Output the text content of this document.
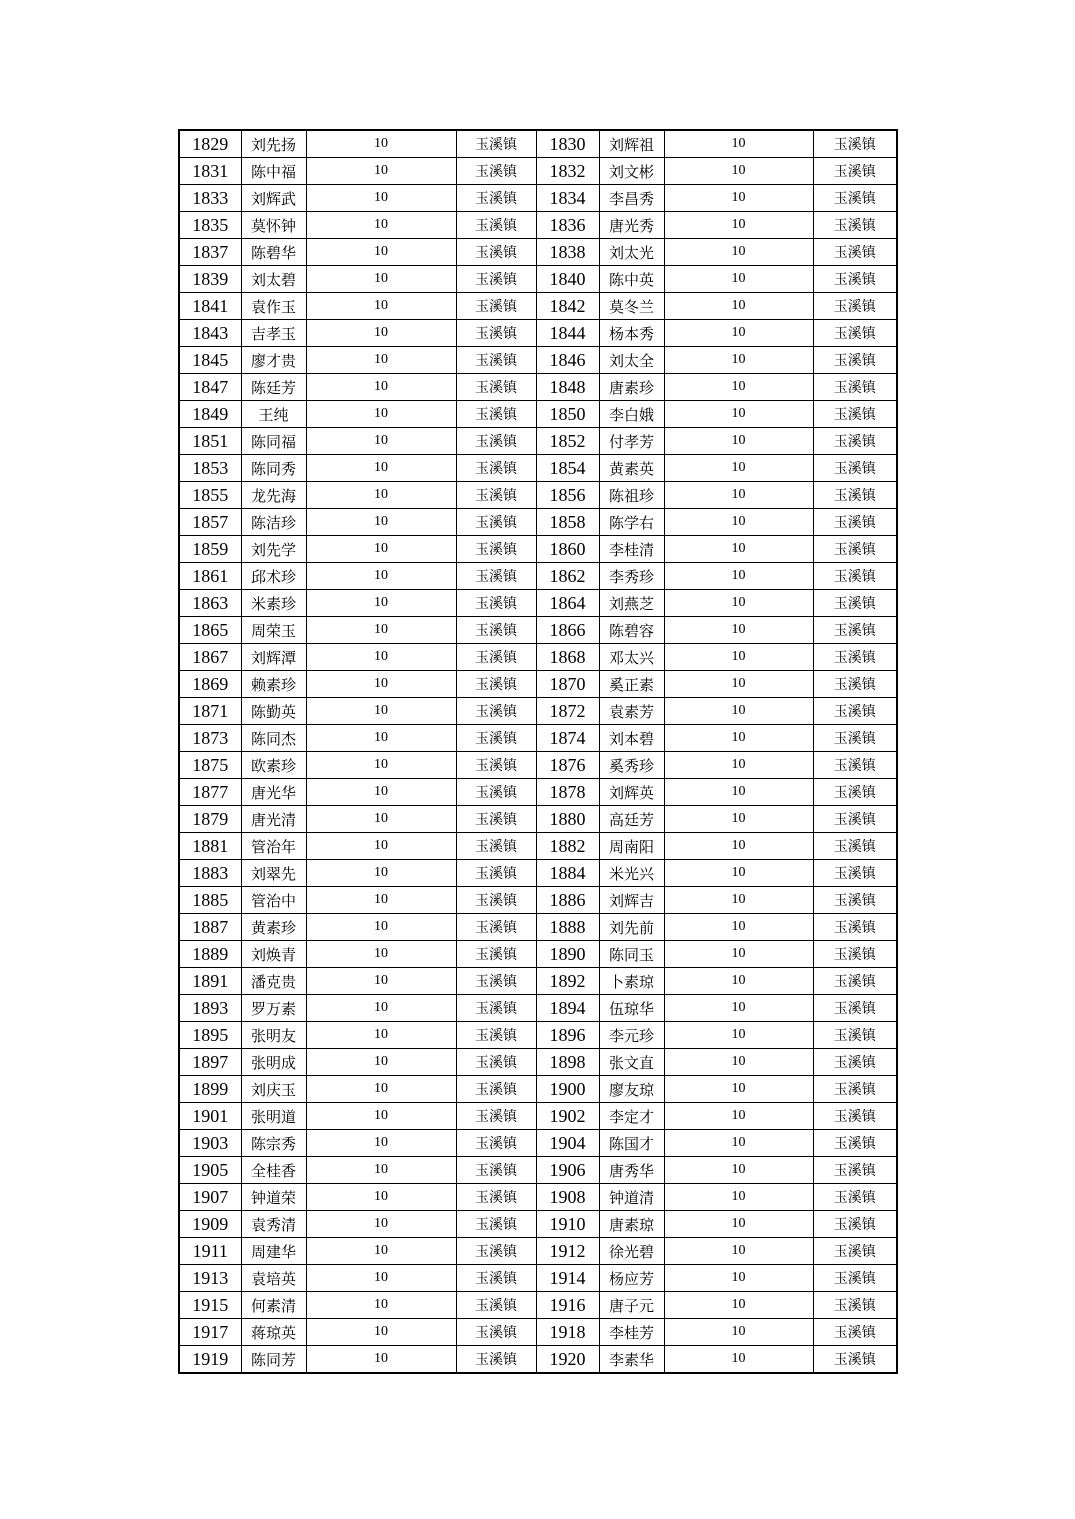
1829	刘先扬	10	玉溪镇	1830	刘辉祖	10	玉溪镇
1831	陈中福	10	玉溪镇	1832	刘文彬	10	玉溪镇
1833	刘辉武	10	玉溪镇	1834	李昌秀	10	玉溪镇
1835	莫怀钟	10	玉溪镇	1836	唐光秀	10	玉溪镇
1837	陈碧华	10	玉溪镇	1838	刘太光	10	玉溪镇
1839	刘太碧	10	玉溪镇	1840	陈中英	10	玉溪镇
1841	袁作玉	10	玉溪镇	1842	莫冬兰	10	玉溪镇
1843	吉孝玉	10	玉溪镇	1844	杨本秀	10	玉溪镇
1845	廖才贵	10	玉溪镇	1846	刘太全	10	玉溪镇
1847	陈廷芳	10	玉溪镇	1848	唐素珍	10	玉溪镇
1849	王纯	10	玉溪镇	1850	李白娥	10	玉溪镇
1851	陈同福	10	玉溪镇	1852	付孝芳	10	玉溪镇
1853	陈同秀	10	玉溪镇	1854	黄素英	10	玉溪镇
1855	龙先海	10	玉溪镇	1856	陈祖珍	10	玉溪镇
1857	陈洁珍	10	玉溪镇	1858	陈学右	10	玉溪镇
1859	刘先学	10	玉溪镇	1860	李桂清	10	玉溪镇
1861	邱术珍	10	玉溪镇	1862	李秀珍	10	玉溪镇
1863	米素珍	10	玉溪镇	1864	刘燕芝	10	玉溪镇
1865	周荣玉	10	玉溪镇	1866	陈碧容	10	玉溪镇
1867	刘辉潭	10	玉溪镇	1868	邓太兴	10	玉溪镇
1869	赖素珍	10	玉溪镇	1870	奚正素	10	玉溪镇
1871	陈勤英	10	玉溪镇	1872	袁素芳	10	玉溪镇
1873	陈同杰	10	玉溪镇	1874	刘本碧	10	玉溪镇
1875	欧素珍	10	玉溪镇	1876	奚秀珍	10	玉溪镇
1877	唐光华	10	玉溪镇	1878	刘辉英	10	玉溪镇
1879	唐光清	10	玉溪镇	1880	高廷芳	10	玉溪镇
1881	管治年	10	玉溪镇	1882	周南阳	10	玉溪镇
1883	刘翠先	10	玉溪镇	1884	米光兴	10	玉溪镇
1885	管治中	10	玉溪镇	1886	刘辉吉	10	玉溪镇
1887	黄素珍	10	玉溪镇	1888	刘先前	10	玉溪镇
1889	刘焕青	10	玉溪镇	1890	陈同玉	10	玉溪镇
1891	潘克贵	10	玉溪镇	1892	卜素琼	10	玉溪镇
1893	罗万素	10	玉溪镇	1894	伍琼华	10	玉溪镇
1895	张明友	10	玉溪镇	1896	李元珍	10	玉溪镇
1897	张明成	10	玉溪镇	1898	张文直	10	玉溪镇
1899	刘庆玉	10	玉溪镇	1900	廖友琼	10	玉溪镇
1901	张明道	10	玉溪镇	1902	李定才	10	玉溪镇
1903	陈宗秀	10	玉溪镇	1904	陈国才	10	玉溪镇
1905	全桂香	10	玉溪镇	1906	唐秀华	10	玉溪镇
1907	钟道荣	10	玉溪镇	1908	钟道清	10	玉溪镇
1909	袁秀清	10	玉溪镇	1910	唐素琼	10	玉溪镇
1911	周建华	10	玉溪镇	1912	徐光碧	10	玉溪镇
1913	袁培英	10	玉溪镇	1914	杨应芳	10	玉溪镇
1915	何素清	10	玉溪镇	1916	唐子元	10	玉溪镇
1917	蒋琼英	10	玉溪镇	1918	李桂芳	10	玉溪镇
1919	陈同芳	10	玉溪镇	1920	李素华	10	玉溪镇
